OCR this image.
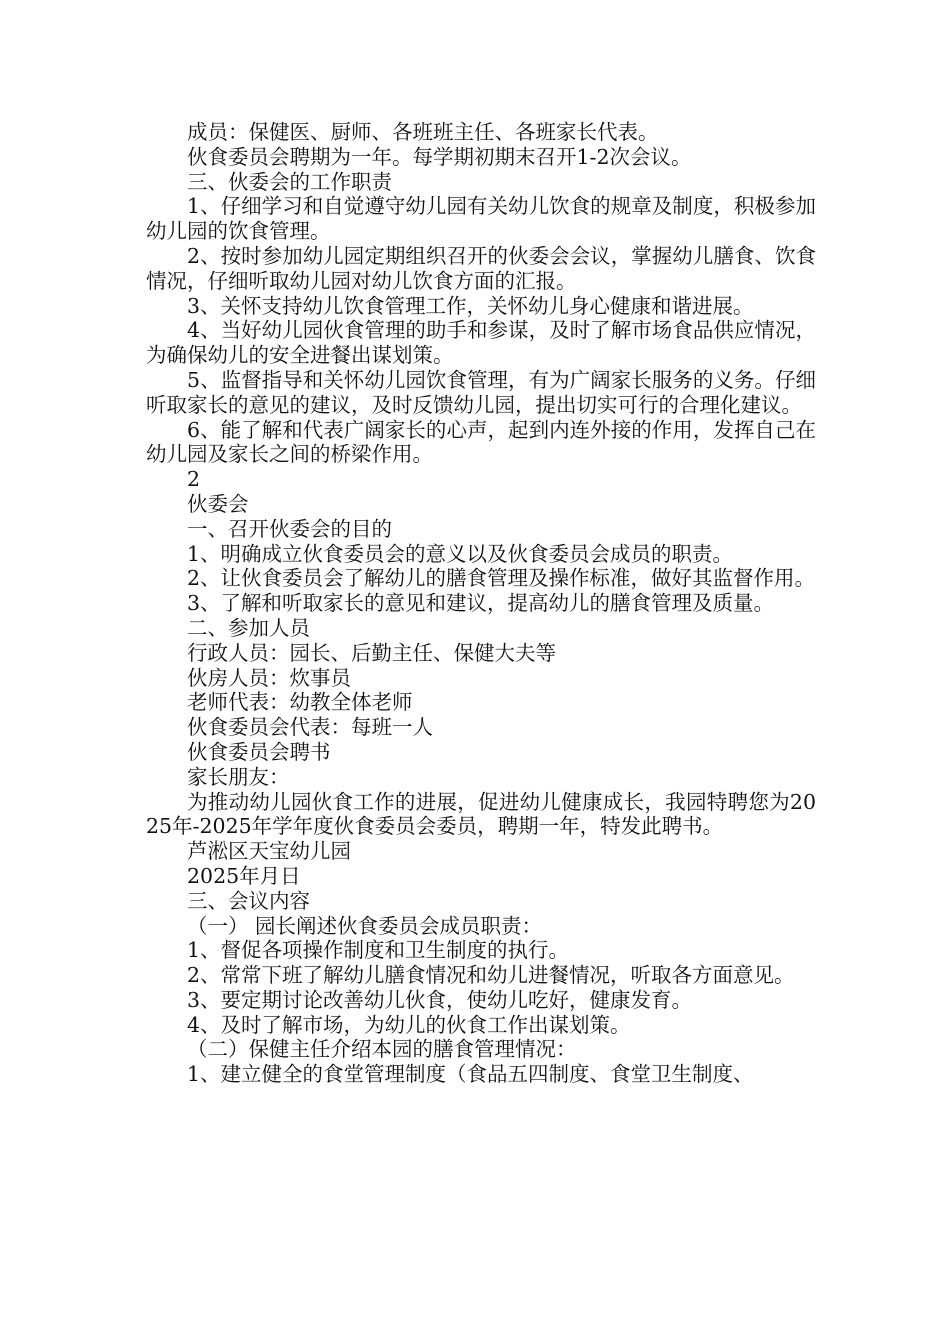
成员：保健医、厨师、各班班主任、各班家长代表。

伙食委员会聘期为一年。每学期初期末召开1-2次会议。

三、伙委会的工作职责

1、仔细学习和自觉遵守幼儿园有关幼儿饮食的规章及制度，积极参加幼儿园的饮食管理。

2、按时参加幼儿园定期组织召开的伙委会会议，掌握幼儿膳食、饮食情况，仔细听取幼儿园对幼儿饮食方面的汇报。

3、关怀支持幼儿饮食管理工作，关怀幼儿身心健康和谐进展。

4、当好幼儿园伙食管理的助手和参谋，及时了解市场食品供应情况，为确保幼儿的安全进餐出谋划策。

5、监督指导和关怀幼儿园饮食管理，有为广阔家长服务的义务。仔细听取家长的意见的建议，及时反馈幼儿园，提出切实可行的合理化建议。

6、能了解和代表广阔家长的心声，起到内连外接的作用，发挥自己在幼儿园及家长之间的桥梁作用。

2

伙委会

一、召开伙委会的目的

1、明确成立伙食委员会的意义以及伙食委员会成员的职责。

2、让伙食委员会了解幼儿的膳食管理及操作标准，做好其监督作用。

3、了解和听取家长的意见和建议，提高幼儿的膳食管理及质量。

二、参加人员

行政人员：园长、后勤主任、保健大夫等

伙房人员：炊事员

老师代表：幼教全体老师

伙食委员会代表：每班一人

伙食委员会聘书

家长朋友：

为推动幼儿园伙食工作的进展，促进幼儿健康成长，我园特聘您为2025年-2025年学年度伙食委员会委员，聘期一年，特发此聘书。

芦淞区天宝幼儿园

2025年月日

三、会议内容

（一） 园长阐述伙食委员会成员职责：

1、督促各项操作制度和卫生制度的执行。

2、常常下班了解幼儿膳食情况和幼儿进餐情况，听取各方面意见。

3、要定期讨论改善幼儿伙食，使幼儿吃好，健康发育。

4、及时了解市场，为幼儿的伙食工作出谋划策。

（二）保健主任介绍本园的膳食管理情况：

1、建立健全的食堂管理制度（食品五四制度、食堂卫生制度、
